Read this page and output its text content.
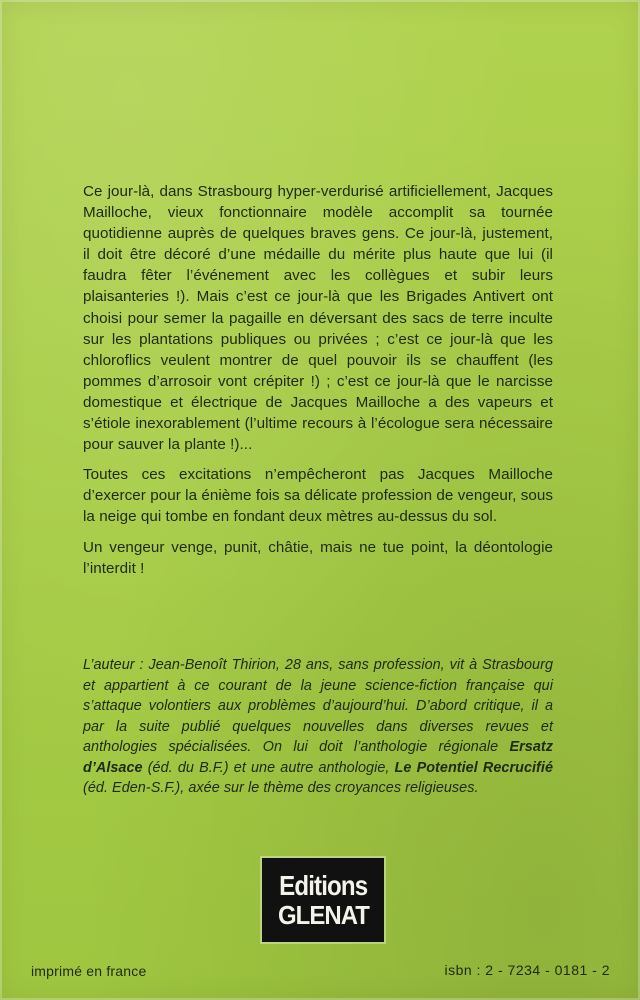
Ce jour-là, dans Strasbourg hyper-verdurisé artificiellement, Jacques Mailloche, vieux fonctionnaire modèle accomplit sa tournée quotidienne auprès de quelques braves gens. Ce jour-là, justement, il doit être décoré d’une médaille du mérite plus haute que lui (il faudra fêter l’événement avec les collègues et subir leurs plaisanteries !). Mais c’est ce jour-là que les Brigades Antivert ont choisi pour semer la pagaille en déversant des sacs de terre inculte sur les plantations publiques ou privées ; c’est ce jour-là que les chloroflics veulent montrer de quel pouvoir ils se chauffent (les pommes d’arrosoir vont crépiter !) ; c’est ce jour-là que le narcisse domestique et électrique de Jacques Mailloche a des vapeurs et s’étiole inexorablement (l’ultime recours à l’écologue sera nécessaire pour sauver la plante !)...

Toutes ces excitations n’empêcheront pas Jacques Mailloche d’exercer pour la énième fois sa délicate profession de vengeur, sous la neige qui tombe en fondant deux mètres au-dessus du sol.

Un vengeur venge, punit, châtie, mais ne tue point, la déontologie l’interdit !

L’auteur : Jean-Benoît Thirion, 28 ans, sans profession, vit à Strasbourg et appartient à ce courant de la jeune science-fiction française qui s’attaque volontiers aux problèmes d’aujourd’hui. D’abord critique, il a par la suite publié quelques nouvelles dans diverses revues et anthologies spécialisées. On lui doit l’anthologie régionale Ersatz d’Alsace (éd. du B.F.) et une autre anthologie, Le Potentiel Recrucifié (éd. Eden-S.F.), axée sur le thème des croyances religieuses.
Editions
GLENAT
imprimé en france	isbn : 2 - 7234 - 0181 - 2
